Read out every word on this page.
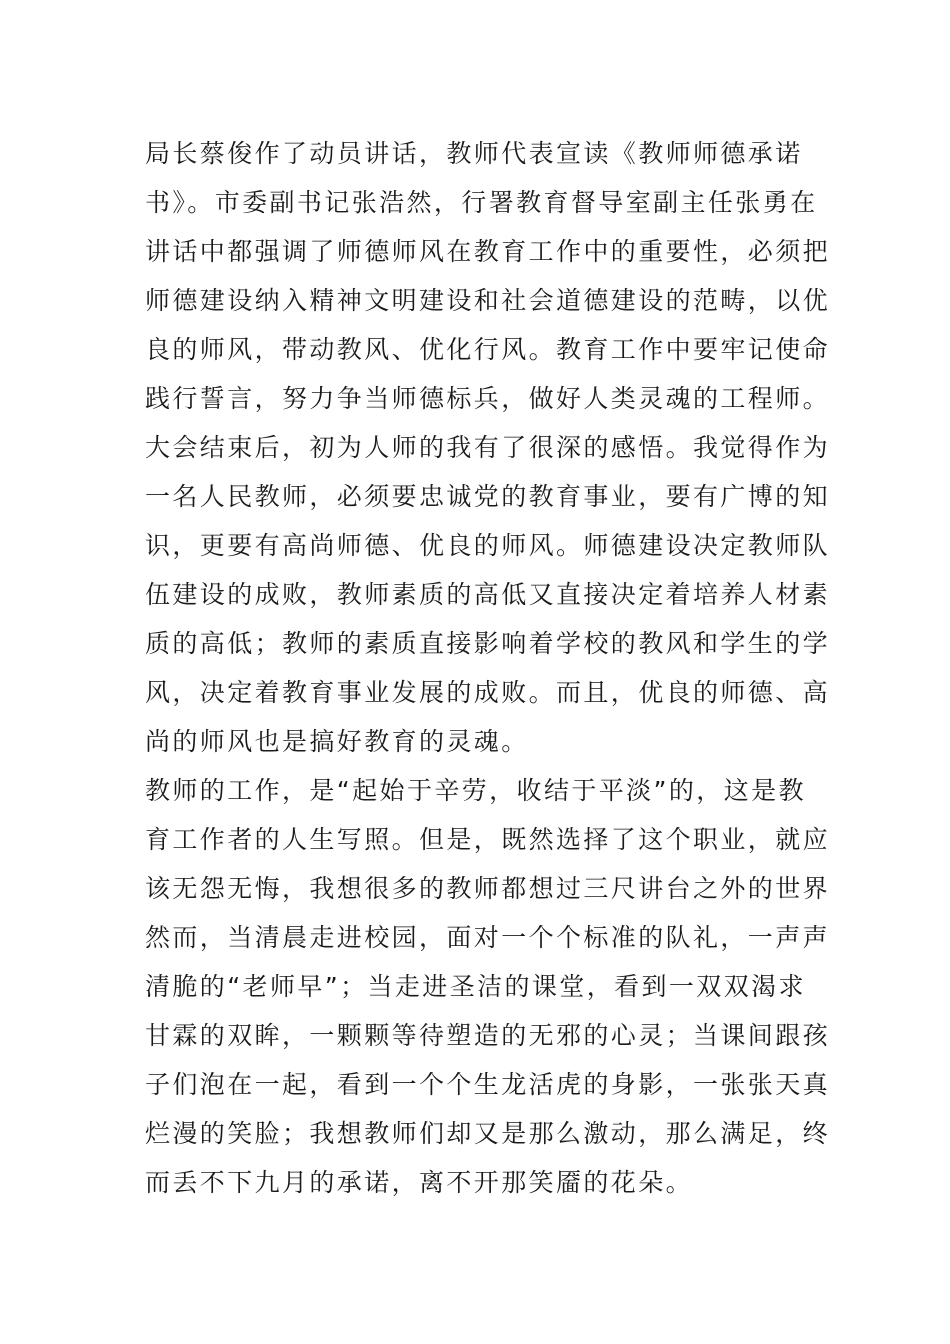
局长蔡俊作了动员讲话，教师代表宣读《教师师德承诺
书》。市委副书记张浩然，行署教育督导室副主任张勇在
讲话中都强调了师德师风在教育工作中的重要性，必须把
师德建设纳入精神文明建设和社会道德建设的范畴，以优
良的师风，带动教风、优化行风。教育工作中要牢记使命
践行誓言，努力争当师德标兵，做好人类灵魂的工程师。

大会结束后，初为人师的我有了很深的感悟。我觉得作为
一名人民教师，必须要忠诚党的教育事业，要有广博的知
识，更要有高尚师德、优良的师风。师德建设决定教师队
伍建设的成败，教师素质的高低又直接决定着培养人材素
质的高低；教师的素质直接影响着学校的教风和学生的学
风，决定着教育事业发展的成败。而且，优良的师德、高
尚的师风也是搞好教育的灵魂。

教师的工作，是“起始于辛劳，收结于平淡”的，这是教
育工作者的人生写照。但是，既然选择了这个职业，就应
该无怨无悔，我想很多的教师都想过三尺讲台之外的世界
然而，当清晨走进校园，面对一个个标准的队礼，一声声
清脆的“老师早”；当走进圣洁的课堂，看到一双双渴求
甘霖的双眸，一颗颗等待塑造的无邪的心灵；当课间跟孩
子们泡在一起，看到一个个生龙活虎的身影，一张张天真
烂漫的笑脸；我想教师们却又是那么激动，那么满足，终
而丢不下九月的承诺，离不开那笑靥的花朵。
